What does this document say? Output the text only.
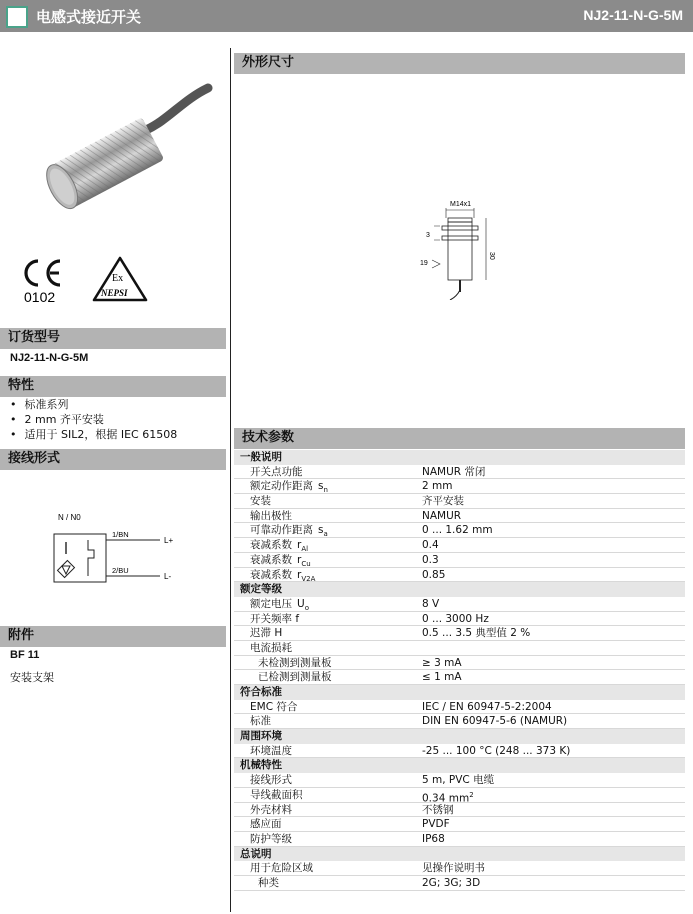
电感式接近开关	NJ2-11-N-G-5M
0102
Ex
NEPSI
订货型号
NJ2-11-N-G-5M
特性
• 标准系列
• 2 mm 齐平安装
• 适用于 SIL2，根据 IEC 61508
接线形式
N / N0
1/BN
2/BU
L+
L-
附件
BF 11
安装支架
外形尺寸
M14x1
3
19
30
技术参数
一般说明
开关点功能	NAMUR 常闭
额定动作距离 $s_n$	2 mm
安装	齐平安装
输出极性	NAMUR
可靠动作距离 $s_a$	0 ... 1.62 mm
衰减系数 $r_{Al}$	0.4
衰减系数 $r_{Cu}$	0.3
衰减系数 $r_{V2A}$	0.85
额定等级
额定电压 $U_o$	8 V
开关频率 f	0 ... 3000 Hz
迟滞 H	0.5 ... 3.5 典型值 2 %
电流损耗
未检测到测量板	≥ 3 mA
已检测到测量板	≤ 1 mA
符合标准
EMC 符合	IEC / EN 60947-5-2:2004
标准	DIN EN 60947-5-6 (NAMUR)
周围环境
环境温度	-25 ... 100 °C (248 ... 373 K)
机械特性
接线形式	5 m, PVC 电缆
导线截面积	0.34 $mm^2$
外壳材料	不锈钢
感应面	PVDF
防护等级	IP68
总说明
用于危险区域	见操作说明书
种类	2G; 3G; 3D
